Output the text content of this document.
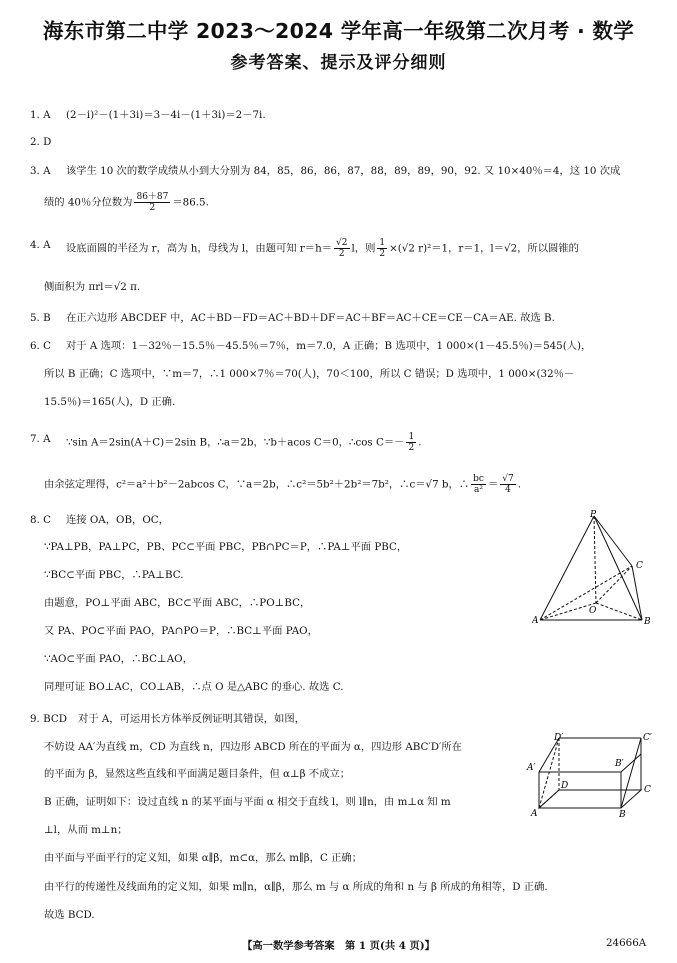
海东市第二中学 2023～2024 学年高一年级第二次月考 · 数学
参考答案、提示及评分细则
1. A (2－i)²－(1＋3i)＝3－4i－(1＋3i)＝2－7i.
2. D
3. A 该学生 10 次的数学成绩从小到大分别为 84，85，86，86，87，88，89，89，90，92. 又 10×40％＝4，这 10 次成
绩的 40％分位数为 $\frac{86+87}{2} =86.5$.
4. A 设底面圆的半径为 r，高为 h，母线为 l，由题可知 $r=h= \frac{√2}{2}$ l，则 $\frac{1}{2} \times(√2$ r)²＝1，r＝1，l＝√2，所以圆锥的
侧面积为 πrl＝√2 π.
5. B 在正六边形 ABCDEF 中，AC＋BD－FD＝AC＋BD＋DF＝AC＋BF＝AC＋CE＝CE－CA＝AE. 故选 B.
6. C 对于 A 选项：1－32％－15.5％－45.5％＝7％，m＝7.0，A 正确；B 选项中，1 000×(1－45.5％)＝545(人)，
所以 B 正确；C 选项中，∵m＝7，∴1 000×7％＝70(人)，70＜100，所以 C 错误；D 选项中，1 000×(32％－
15.5％)＝165(人)，D 正确.
7. A ∵sin A＝2sin(A＋C)＝2sin B，∴a＝2b，∵b＋acos C＝0，∴cos $C=- \frac{1}{2}$ .
由余弦定理得，c²＝a²＋b²－2abcos C，∵a＝2b，∴c²＝5b²＋2b²＝7b²，∴c＝√7 b，∴ $\frac{bc}{\text{a²}} = \frac{√7}{4}$ .
8. C 连接 OA，OB，OC，
∵PA⊥PB，PA⊥PC，PB、PC⊂平面 PBC，PB∩PC＝P，∴PA⊥平面 PBC，
∵BC⊂平面 PBC，∴PA⊥BC.
由题意，PO⊥平面 ABC，BC⊂平面 ABC，∴PO⊥BC，
又 PA、PO⊂平面 PAO，PA∩PO＝P，∴BC⊥平面 PAO，
∵AO⊂平面 PAO，∴BC⊥AO，
同理可证 BO⊥AC，CO⊥AB，∴点 O 是△ABC 的垂心. 故选 C.
P
A	B
C
O
9. BCD 对于 A，可运用长方体举反例证明其错误，如图，
不妨设 AA′为直线 m，CD 为直线 n，四边形 ABCD 所在的平面为 α，四边形 ABC′D′所在
的平面为 β，显然这些直线和平面满足题目条件，但 α⊥β 不成立；
B 正确，证明如下：设过直线 n 的某平面与平面 α 相交于直线 l，则 l∥n，由 m⊥α 知 m
⊥l，从而 m⊥n；
由平面与平面平行的定义知，如果 α∥β，m⊂α，那么 m∥β，C 正确；
由平行的传递性及线面角的定义知，如果 m∥n，α∥β，那么 m 与 α 所成的角和 n 与 β 所成的角相等，D 正确.
故选 BCD.
D′	C′
A′	B′
D	C
A	B
【高一数学参考答案　第 1 页(共 4 页)】	24666A
